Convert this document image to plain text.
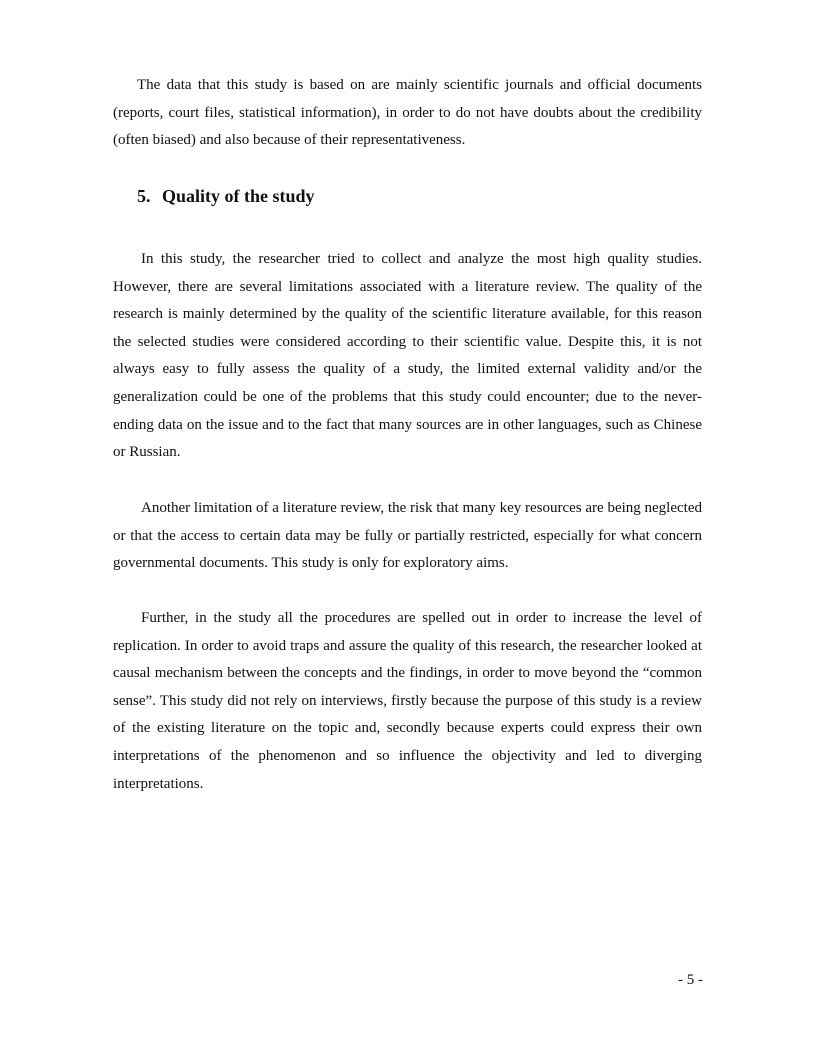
The data that this study is based on are mainly scientific journals and official documents (reports, court files, statistical information), in order to do not have doubts about the credibility (often biased) and also because of their representativeness.

5. Quality of the study

In this study, the researcher tried to collect and analyze the most high quality studies. However, there are several limitations associated with a literature review. The quality of the research is mainly determined by the quality of the scientific literature available, for this reason the selected studies were considered according to their scientific value. Despite this, it is not always easy to fully assess the quality of a study, the limited external validity and/or the generalization could be one of the problems that this study could encounter; due to the never-ending data on the issue and to the fact that many sources are in other languages, such as Chinese or Russian.

Another limitation of a literature review, the risk that many key resources are being neglected or that the access to certain data may be fully or partially restricted, especially for what concern governmental documents. This study is only for exploratory aims.

Further, in the study all the procedures are spelled out in order to increase the level of replication. In order to avoid traps and assure the quality of this research, the researcher looked at causal mechanism between the concepts and the findings, in order to move beyond the “common sense”. This study did not rely on interviews, firstly because the purpose of this study is a review of the existing literature on the topic and, secondly because experts could express their own interpretations of the phenomenon and so influence the objectivity and led to diverging interpretations.

- 5 -
